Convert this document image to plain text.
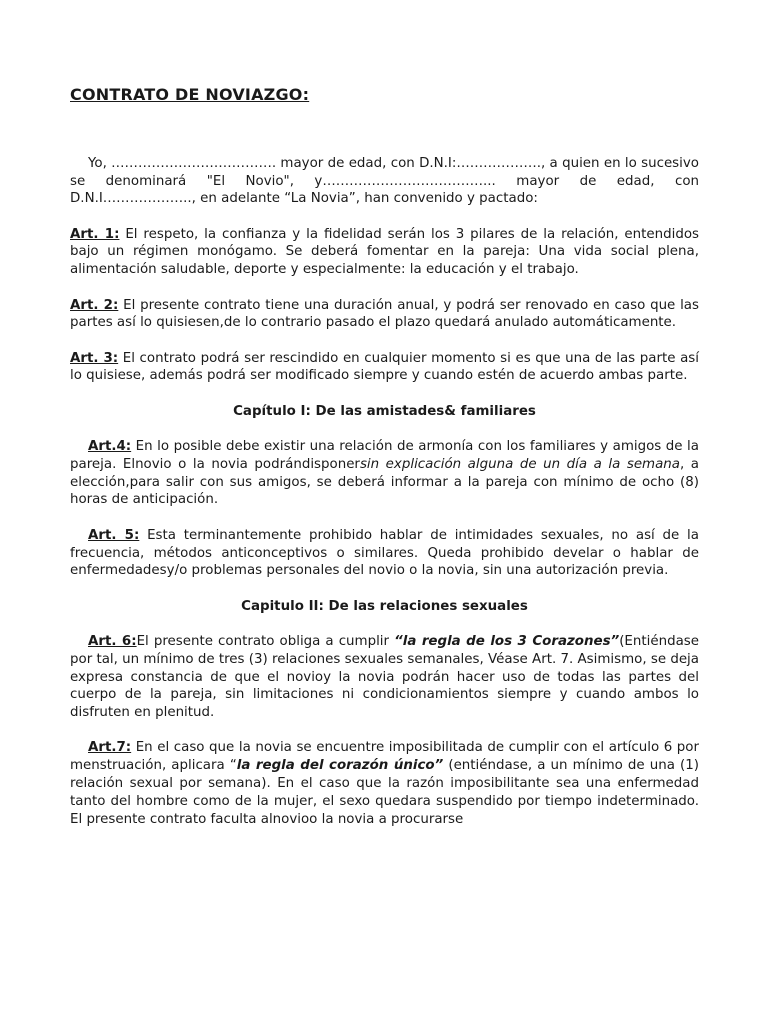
CONTRATO DE NOVIAZGO:

Yo, ………………………………. mayor de edad, con D.N.I:………………., a quien en lo sucesivo se denominará "El Novio", y………………………………... mayor de edad, con D.N.I……………….., en adelante “La Novia”, han convenido y pactado:

Art. 1: El respeto, la confianza y la fidelidad serán los 3 pilares de la relación, entendidos bajo un régimen monógamo. Se deberá fomentar en la pareja: Una vida social plena, alimentación saludable, deporte y especialmente: la educación y el trabajo.

Art. 2: El presente contrato tiene una duración anual, y podrá ser renovado en caso que las partes así lo quisiesen,de lo contrario pasado el plazo quedará anulado automáticamente.

Art. 3: El contrato podrá ser rescindido en cualquier momento si es que una de las parte así lo quisiese, además podrá ser modificado siempre y cuando estén de acuerdo ambas parte.

Capítulo I: De las amistades& familiares

Art.4: En lo posible debe existir una relación de armonía con los familiares y amigos de la pareja. Elnovio o la novia podrándisponersin explicación alguna de un día a la semana, a elección,para salir con sus amigos, se deberá informar a la pareja con mínimo de ocho (8) horas de anticipación.

Art. 5: Esta terminantemente prohibido hablar de intimidades sexuales, no así de la frecuencia, métodos anticonceptivos o similares. Queda prohibido develar o hablar de enfermedadesy/o problemas personales del novio o la novia, sin una autorización previa.

Capitulo II: De las relaciones sexuales

Art. 6:El presente contrato obliga a cumplir “la regla de los 3 Corazones”(Entiéndase por tal, un mínimo de tres (3) relaciones sexuales semanales, Véase Art. 7. Asimismo, se deja expresa constancia de que el novioy la novia podrán hacer uso de todas las partes del cuerpo de la pareja, sin limitaciones ni condicionamientos siempre y cuando ambos lo disfruten en plenitud.

Art.7: En el caso que la novia se encuentre imposibilitada de cumplir con el artículo 6 por menstruación, aplicara “la regla del corazón único” (entiéndase, a un mínimo de una (1) relación sexual por semana). En el caso que la razón imposibilitante sea una enfermedad tanto del hombre como de la mujer, el sexo quedara suspendido por tiempo indeterminado. El presente contrato faculta alnovioo la novia a procurarse
